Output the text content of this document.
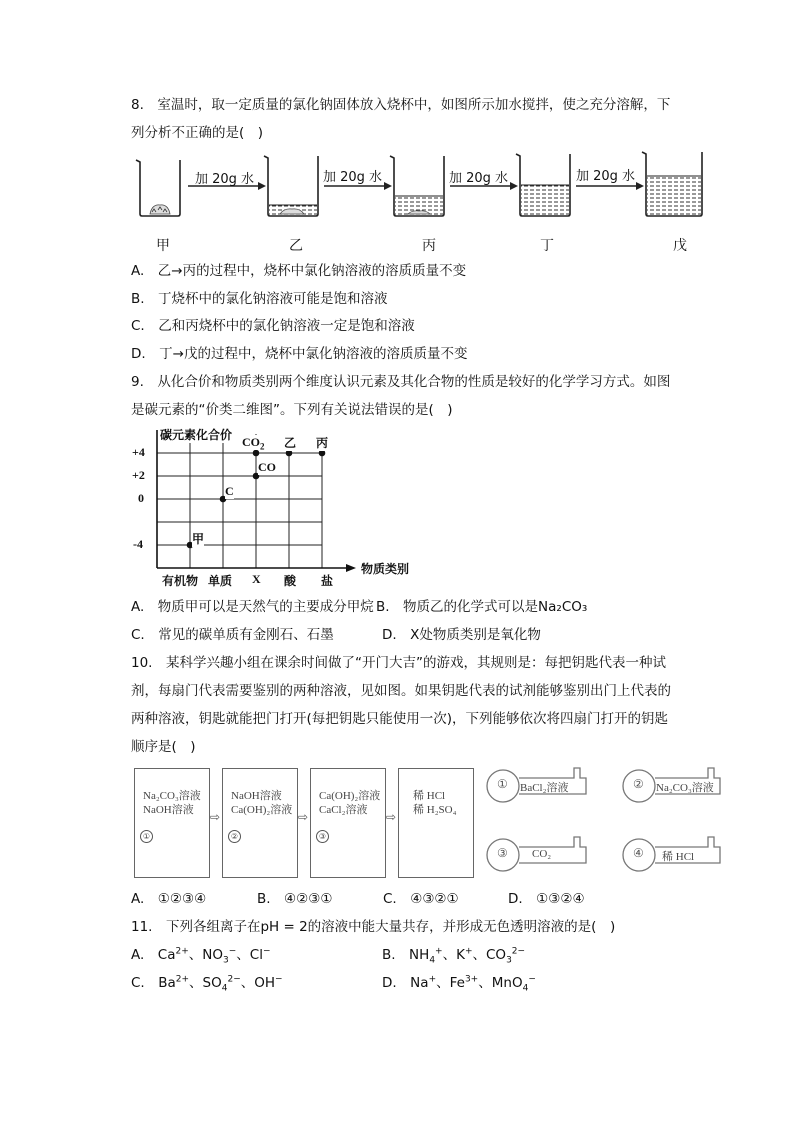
8.　室温时，取一定质量的氯化钠固体放入烧杯中，如图所示加水搅拌，使之充分溶解，下
列分析不正确的是(　)
加 20g 水	加 20g 水	加 20g 水	加 20g 水
甲	乙	丙	丁	戊
A.　乙→丙的过程中，烧杯中氯化钠溶液的溶质质量不变
B.　丁烧杯中的氯化钠溶液可能是饱和溶液
C.　乙和丙烧杯中的氯化钠溶液一定是饱和溶液
D.　丁→戊的过程中，烧杯中氯化钠溶液的溶质质量不变
9.　从化合价和物质类别两个维度认识元素及其化合物的性质是较好的化学学习方式。如图
是碳元素的“价类二维图”。下列有关说法错误的是(　)
碳元素化合价
+4
+2
0
-4
$CO_2$ 乙 丙
CO
C
甲
有机物 单质 X 酸 盐
物质类别
A.　物质甲可以是天然气的主要成分甲烷 B.　物质乙的化学式可以是Na₂CO₃
C.　常见的碳单质有金刚石、石墨	D.　X处物质类别是氧化物
10.　某科学兴趣小组在课余时间做了“开门大吉”的游戏，其规则是：每把钥匙代表一种试
剂，每扇门代表需要鉴别的两种溶液，见如图。如果钥匙代表的试剂能够鉴别出门上代表的
两种溶液，钥匙就能把门打开(每把钥匙只能使用一次)，下列能够依次将四扇门打开的钥匙
顺序是(　)
Na₂CO₃溶液
NaOH溶液
①
⇨
NaOH溶液
Ca(OH)₂溶液
②
⇨
Ca(OH)₂溶液
CaCl₂溶液
③
⇨
稀 HCl
稀 H₂SO₄
① BaCl₂溶液	② Na₂CO₃溶液
③ CO₂	④ 稀 HCl
A.　①②③④	B.　④②③①	C.　④③②①	D.　①③②④
11.　下列各组离子在pH = 2的溶液中能大量共存，并形成无色透明溶液的是(　)
A.　$Ca^{2+}$、$NO_3^-$、Cl−	B.　$NH_4^+$、K+、$CO_3^{2-}$
C.　$Ba^{2+}$、$SO_4^{2-}$、OH−	D.　Na+、$Fe^{3+}$、MnO$_4$−
